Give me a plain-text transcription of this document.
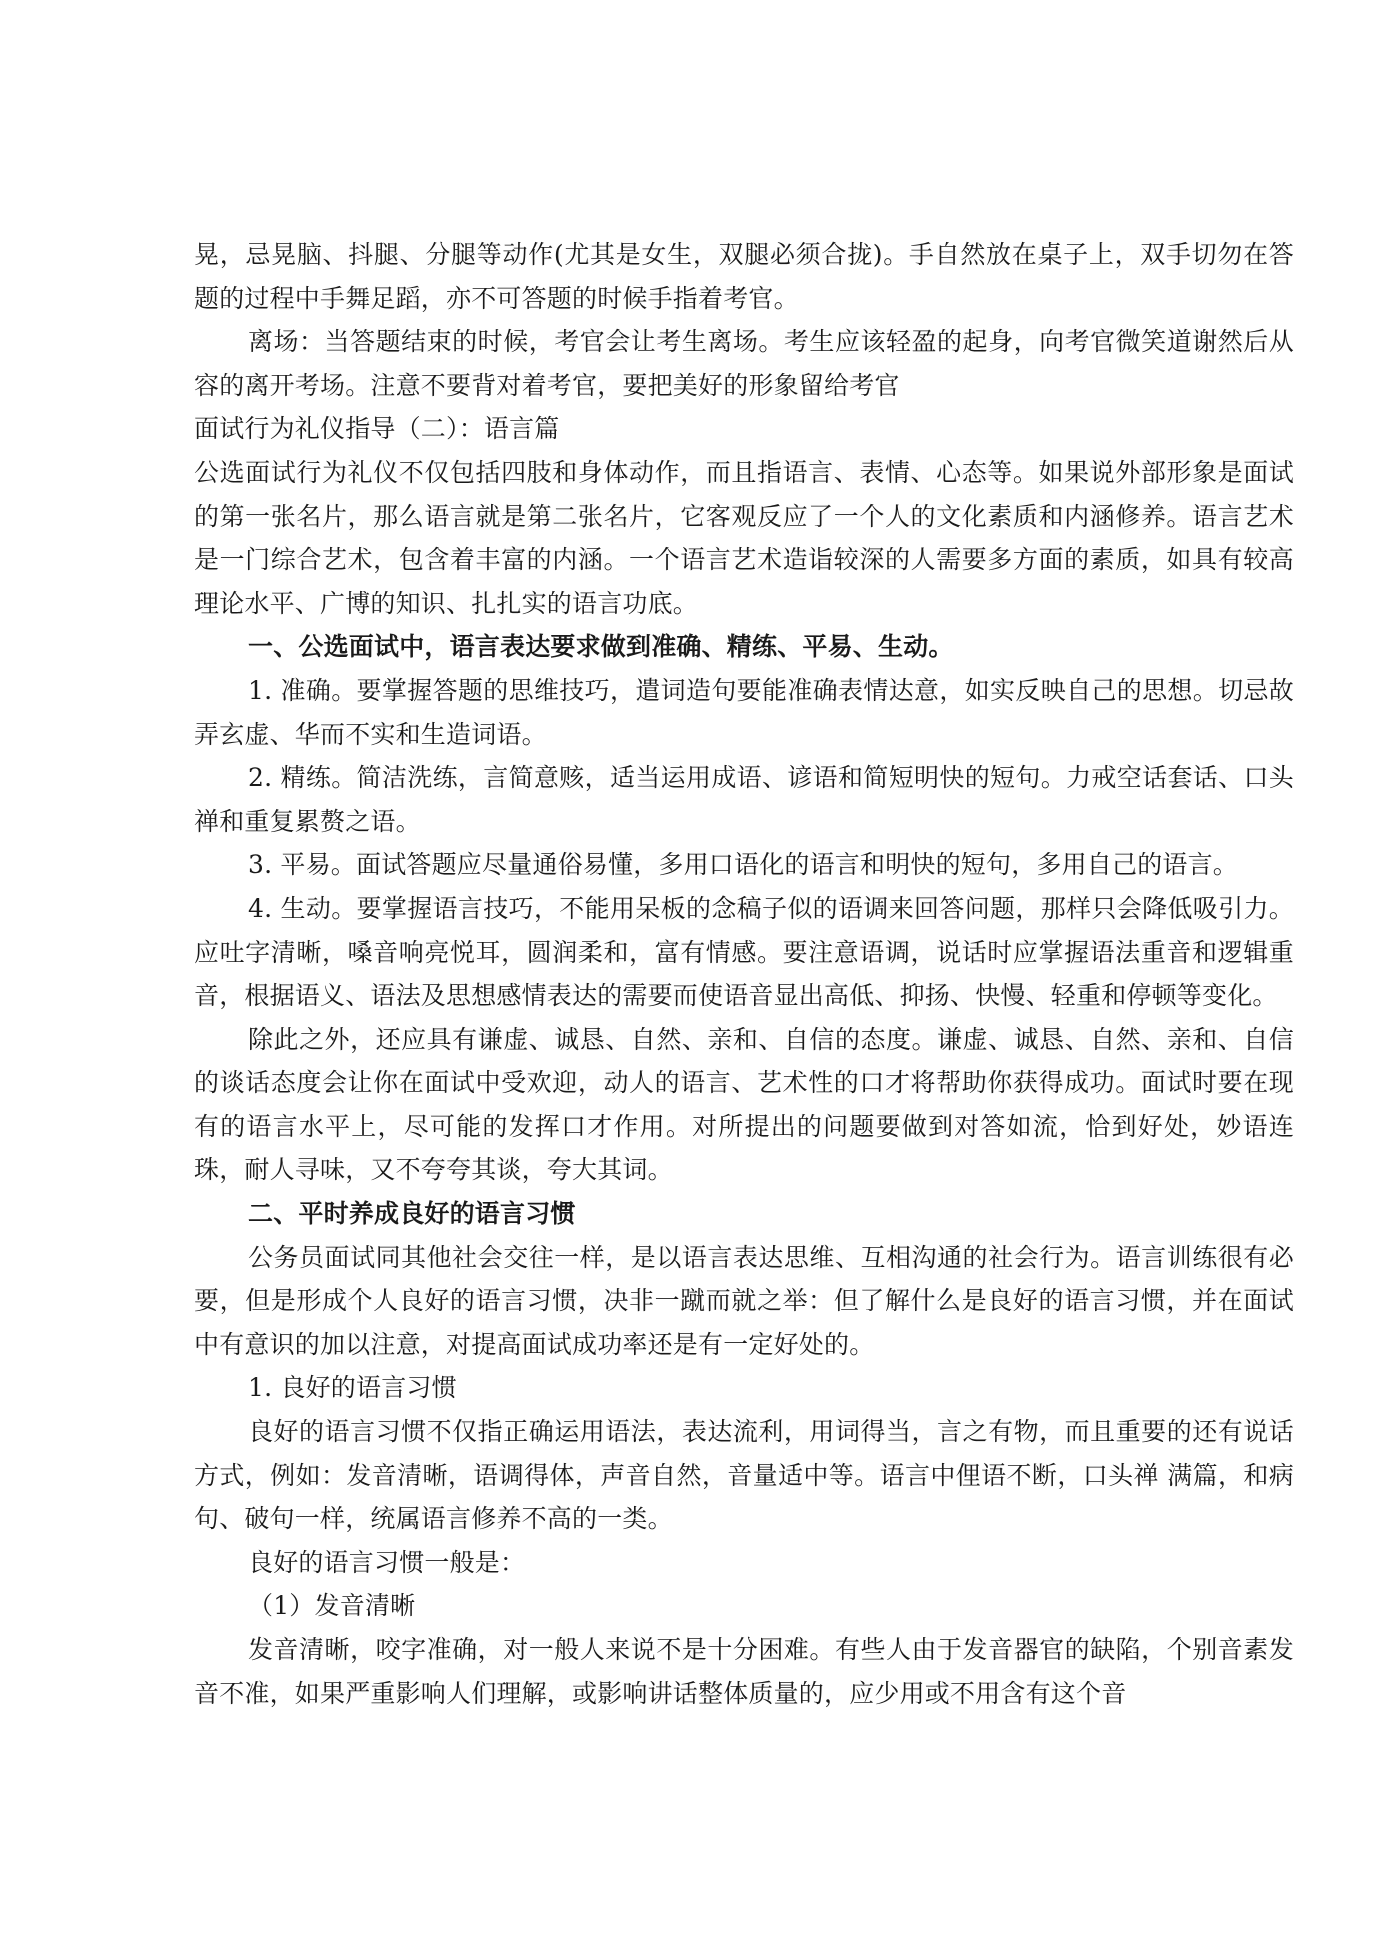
晃，忌晃脑、抖腿、分腿等动作(尤其是女生，双腿必须合拢)。手自然放在桌子上，双手切勿在答题的过程中手舞足蹈，亦不可答题的时候手指着考官。

离场：当答题结束的时候，考官会让考生离场。考生应该轻盈的起身，向考官微笑道谢然后从容的离开考场。注意不要背对着考官，要把美好的形象留给考官

面试行为礼仪指导（二）：语言篇

公选面试行为礼仪不仅包括四肢和身体动作，而且指语言、表情、心态等。如果说外部形象是面试的第一张名片，那么语言就是第二张名片，它客观反应了一个人的文化素质和内涵修养。语言艺术是一门综合艺术，包含着丰富的内涵。一个语言艺术造诣较深的人需要多方面的素质，如具有较高理论水平、广博的知识、扎扎实的语言功底。

一、公选面试中，语言表达要求做到准确、精练、平易、生动。

1. 准确。要掌握答题的思维技巧，遣词造句要能准确表情达意，如实反映自己的思想。切忌故弄玄虚、华而不实和生造词语。

2. 精练。简洁洗练，言简意赅，适当运用成语、谚语和简短明快的短句。力戒空话套话、口头禅和重复累赘之语。

3. 平易。面试答题应尽量通俗易懂，多用口语化的语言和明快的短句，多用自己的语言。

4. 生动。要掌握语言技巧，不能用呆板的念稿子似的语调来回答问题，那样只会降低吸引力。应吐字清晰，嗓音响亮悦耳，圆润柔和，富有情感。要注意语调，说话时应掌握语法重音和逻辑重音，根据语义、语法及思想感情表达的需要而使语音显出高低、抑扬、快慢、轻重和停顿等变化。

除此之外，还应具有谦虚、诚恳、自然、亲和、自信的态度。谦虚、诚恳、自然、亲和、自信的谈话态度会让你在面试中受欢迎，动人的语言、艺术性的口才将帮助你获得成功。面试时要在现有的语言水平上，尽可能的发挥口才作用。对所提出的问题要做到对答如流，恰到好处，妙语连珠，耐人寻味，又不夸夸其谈，夸大其词。

二、平时养成良好的语言习惯

公务员面试同其他社会交往一样，是以语言表达思维、互相沟通的社会行为。语言训练很有必要，但是形成个人良好的语言习惯，决非一蹴而就之举：但了解什么是良好的语言习惯，并在面试中有意识的加以注意，对提高面试成功率还是有一定好处的。

1. 良好的语言习惯

良好的语言习惯不仅指正确运用语法，表达流利，用词得当，言之有物，而且重要的还有说话方式，例如：发音清晰，语调得体，声音自然，音量适中等。语言中俚语不断，口头禅 满篇，和病句、破句一样，统属语言修养不高的一类。

良好的语言习惯一般是：

（1）发音清晰

发音清晰，咬字准确，对一般人来说不是十分困难。有些人由于发音器官的缺陷，个别音素发音不准，如果严重影响人们理解，或影响讲话整体质量的，应少用或不用含有这个音
